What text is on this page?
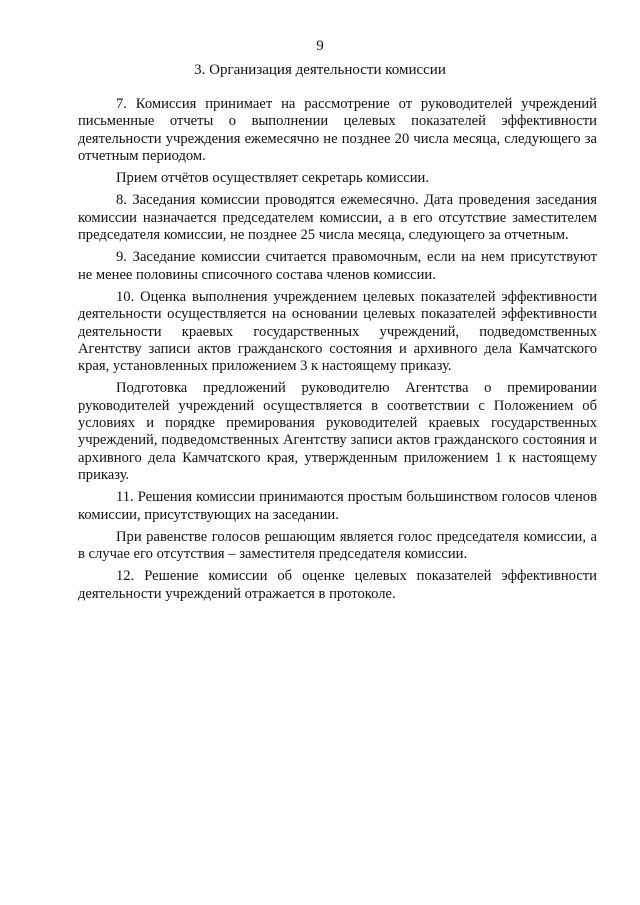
9
3. Организация деятельности комиссии

7. Комиссия принимает на рассмотрение от руководителей учреждений письменные отчеты о выполнении целевых показателей эффективности деятельности учреждения ежемесячно не позднее 20 числа месяца, следующего за отчетным периодом.

Прием отчётов осуществляет секретарь комиссии.

8. Заседания комиссии проводятся ежемесячно. Дата проведения заседания комиссии назначается председателем комиссии, а в его отсутствие заместителем председателя комиссии, не позднее 25 числа месяца, следующего за отчетным.

9. Заседание комиссии считается правомочным, если на нем присутствуют не менее половины списочного состава членов комиссии.

10. Оценка выполнения учреждением целевых показателей эффективности деятельности осуществляется на основании целевых показателей эффективности деятельности краевых государственных учреждений, подведомственных Агентству записи актов гражданского состояния и архивного дела Камчатского края, установленных приложением 3 к настоящему приказу.

Подготовка предложений руководителю Агентства о премировании руководителей учреждений осуществляется в соответствии с Положением об условиях и порядке премирования руководителей краевых государственных учреждений, подведомственных Агентству записи актов гражданского состояния и архивного дела Камчатского края, утвержденным приложением 1 к настоящему приказу.

11. Решения комиссии принимаются простым большинством голосов членов комиссии, присутствующих на заседании.

При равенстве голосов решающим является голос председателя комиссии, а в случае его отсутствия – заместителя председателя комиссии.

12. Решение комиссии об оценке целевых показателей эффективности деятельности учреждений отражается в протоколе.
